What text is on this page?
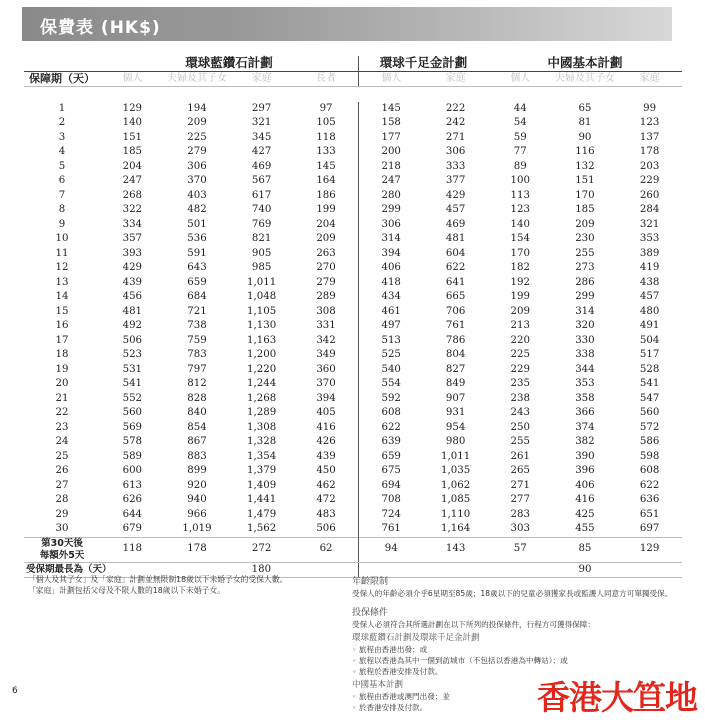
保費表 (HK$)
	環球藍鑽石計劃				環球千足金計劃		中國基本計劃		
保障期（天）	個人	夫婦及其子女	家庭	長者	個人	家庭	個人	夫婦及其子女	家庭

1	129	194	297	97	145	222	44	65	99
2	140	209	321	105	158	242	54	81	123
3	151	225	345	118	177	271	59	90	137
4	185	279	427	133	200	306	77	116	178
5	204	306	469	145	218	333	89	132	203
6	247	370	567	164	247	377	100	151	229
7	268	403	617	186	280	429	113	170	260
8	322	482	740	199	299	457	123	185	284
9	334	501	769	204	306	469	140	209	321
10	357	536	821	209	314	481	154	230	353
11	393	591	905	263	394	604	170	255	389
12	429	643	985	270	406	622	182	273	419
13	439	659	1,011	279	418	641	192	286	438
14	456	684	1,048	289	434	665	199	299	457
15	481	721	1,105	308	461	706	209	314	480
16	492	738	1,130	331	497	761	213	320	491
17	506	759	1,163	342	513	786	220	330	504
18	523	783	1,200	349	525	804	225	338	517
19	531	797	1,220	360	540	827	229	344	528
20	541	812	1,244	370	554	849	235	353	541
21	552	828	1,268	394	592	907	238	358	547
22	560	840	1,289	405	608	931	243	366	560
23	569	854	1,308	416	622	954	250	374	572
24	578	867	1,328	426	639	980	255	382	586
25	589	883	1,354	439	659	1,011	261	390	598
26	600	899	1,379	450	675	1,035	265	396	608
27	613	920	1,409	462	694	1,062	271	406	622
28	626	940	1,441	472	708	1,085	277	416	636
29	644	966	1,479	483	724	1,110	283	425	651
30	679	1,019	1,562	506	761	1,164	303	455	697

第30天後
每額外5天	118	178	272	62	94	143	57	85	129
受保期最長為（天）		180					90		
「個人及其子女」及「家庭」計劃並無限制18歲以下未婚子女的受保人數。
「家庭」計劃包括父母及不限人數的18歲以下未婚子女。
年齡限制
受保人的年齡必須介乎6星期至85歲；18歲以下的兒童必須獲家長或監護人同意方可單獨受保。
投保條件
受保人必須符合其所選計劃在以下所列的投保條件，行程方可獲得保障：
環球藍鑽石計劃及環球千足金計劃
◦ 旅程由香港出發；或
◦ 旅程以香港為其中一個到訪城市（不包括以香港為中轉站）；或
◦ 旅程於香港安排及付款。
中國基本計劃
◦ 旅程由香港或澳門出發；並
◦ 於香港安排及付款。
6	香港大笪地
